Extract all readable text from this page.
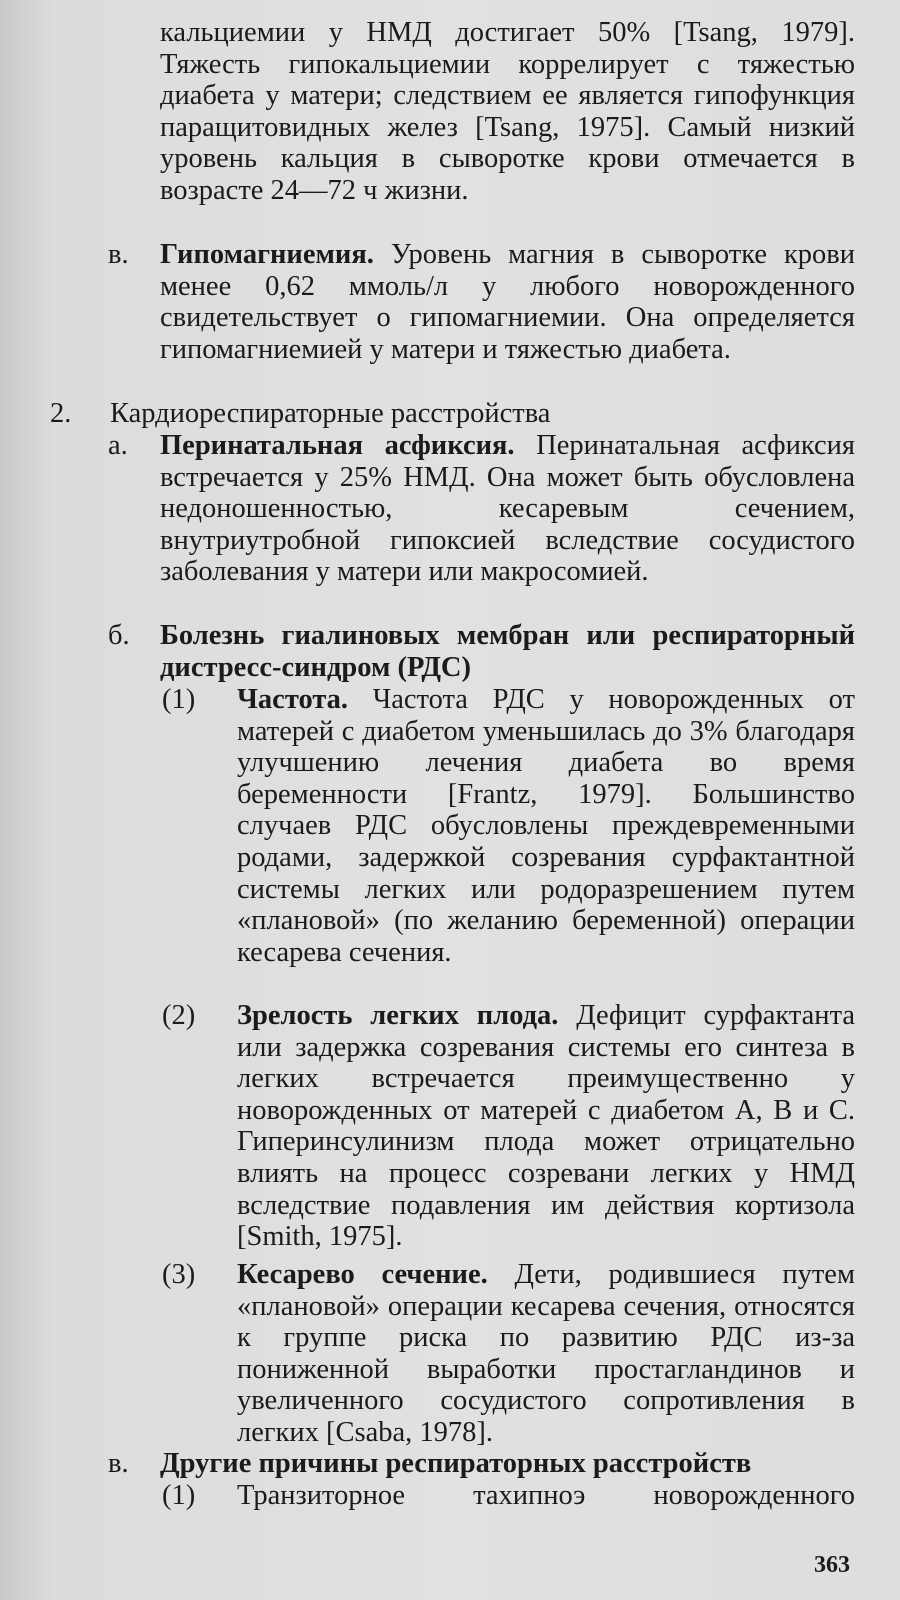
кальциемии у НМД достигает 50% [Tsang, 1979]. Тяжесть гипокальциемии коррелирует с тяжестью диабета у матери; следствием ее является гипофункция паращитовидных желез [Tsang, 1975]. Самый низкий уровень кальция в сыворотке крови отмечается в возрасте 24—72 ч жизни.
в. Гипомагниемия. Уровень магния в сыворотке крови менее 0,62 ммоль/л у любого новорожденного свидетельствует о гипомагниемии. Она определяется гипомагниемией у матери и тяжестью диабета.
2. Кардиореспираторные расстройства
а. Перинатальная асфиксия. Перинатальная асфиксия встречается у 25% НМД. Она может быть обусловлена недоношенностью, кесаревым сечением, внутриутробной гипоксией вследствие сосудистого заболевания у матери или макросомией.
б. Болезнь гиалиновых мембран или респираторный дистресс-синдром (РДС)
(1) Частота. Частота РДС у новорожденных от матерей с диабетом уменьшилась до 3% благодаря улучшению лечения диабета во время беременности [Frantz, 1979]. Большинство случаев РДС обусловлены преждевременными родами, задержкой созревания сурфактантной системы легких или родоразрешением путем «плановой» (по желанию беременной) операции кесарева сечения.
(2) Зрелость легких плода. Дефицит сурфактанта или задержка созревания системы его синтеза в легких встречается преимущественно у новорожденных от матерей с диабетом А, В и С. Гиперинсулинизм плода может отрицательно влиять на процесс созревани легких у НМД вследствие подавления им действия кортизола [Smith, 1975].
(3) Кесарево сечение. Дети, родившиеся путем «плановой» операции кесарева сечения, относятся к группе риска по развитию РДС из-за пониженной выработки простагландинов и увеличенного сосудистого сопротивления в легких [Csaba, 1978].
в. Другие причины респираторных расстройств
(1) Транзиторное тахипноэ новорожденного
363
